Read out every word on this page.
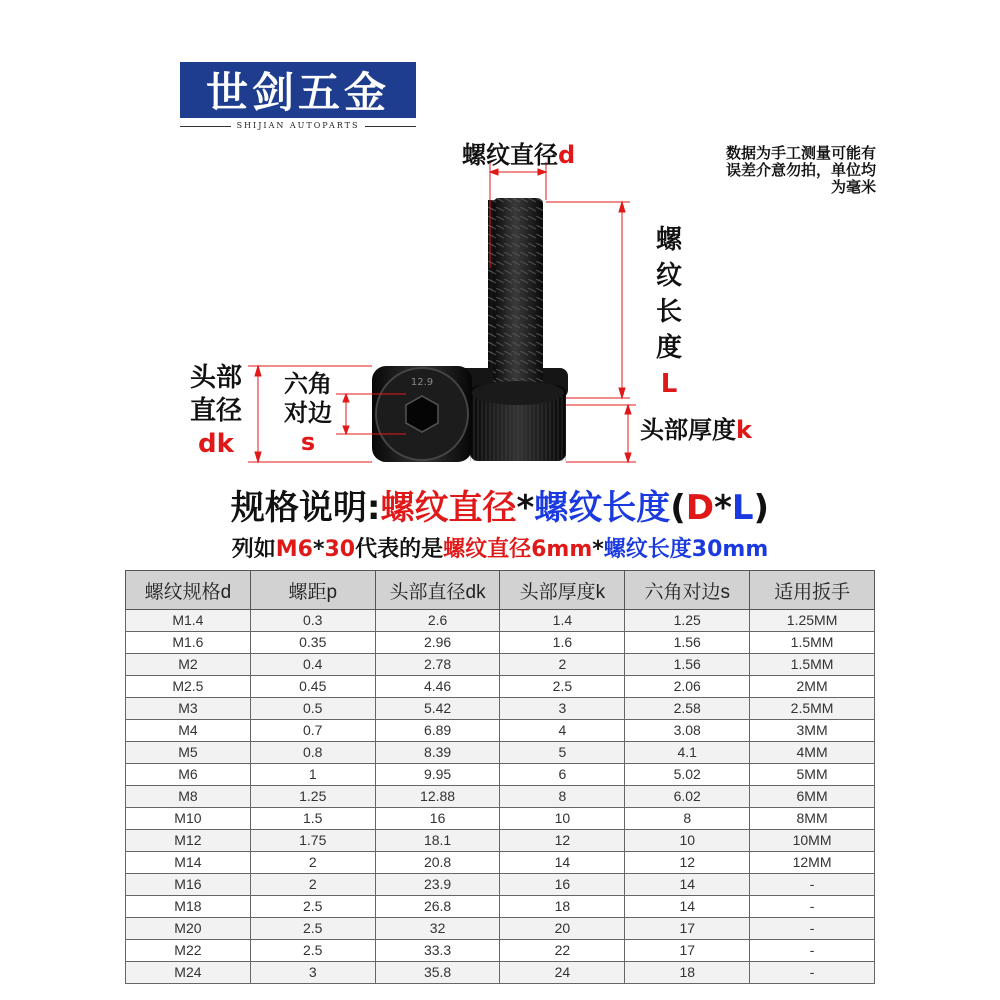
世剑五金
SHIJIAN AUTOPARTS
12.9
螺纹直径d	数据为手工测量可能有误差介意勿拍，单位均为毫米
螺纹长度
L
头部厚度k
头部直径
dk
六角对边
s
规格说明:螺纹直径*螺纹长度(D*L)
列如M6*30代表的是螺纹直径6mm*螺纹长度30mm
螺纹规格d	螺距p	头部直径dk	头部厚度k	六角对边s	适用扳手
M1.4	0.3	2.6	1.4	1.25	1.25MM
M1.6	0.35	2.96	1.6	1.56	1.5MM
M2	0.4	2.78	2	1.56	1.5MM
M2.5	0.45	4.46	2.5	2.06	2MM
M3	0.5	5.42	3	2.58	2.5MM
M4	0.7	6.89	4	3.08	3MM
M5	0.8	8.39	5	4.1	4MM
M6	1	9.95	6	5.02	5MM
M8	1.25	12.88	8	6.02	6MM
M10	1.5	16	10	8	8MM
M12	1.75	18.1	12	10	10MM
M14	2	20.8	14	12	12MM
M16	2	23.9	16	14	-
M18	2.5	26.8	18	14	-
M20	2.5	32	20	17	-
M22	2.5	33.3	22	17	-
M24	3	35.8	24	18	-
